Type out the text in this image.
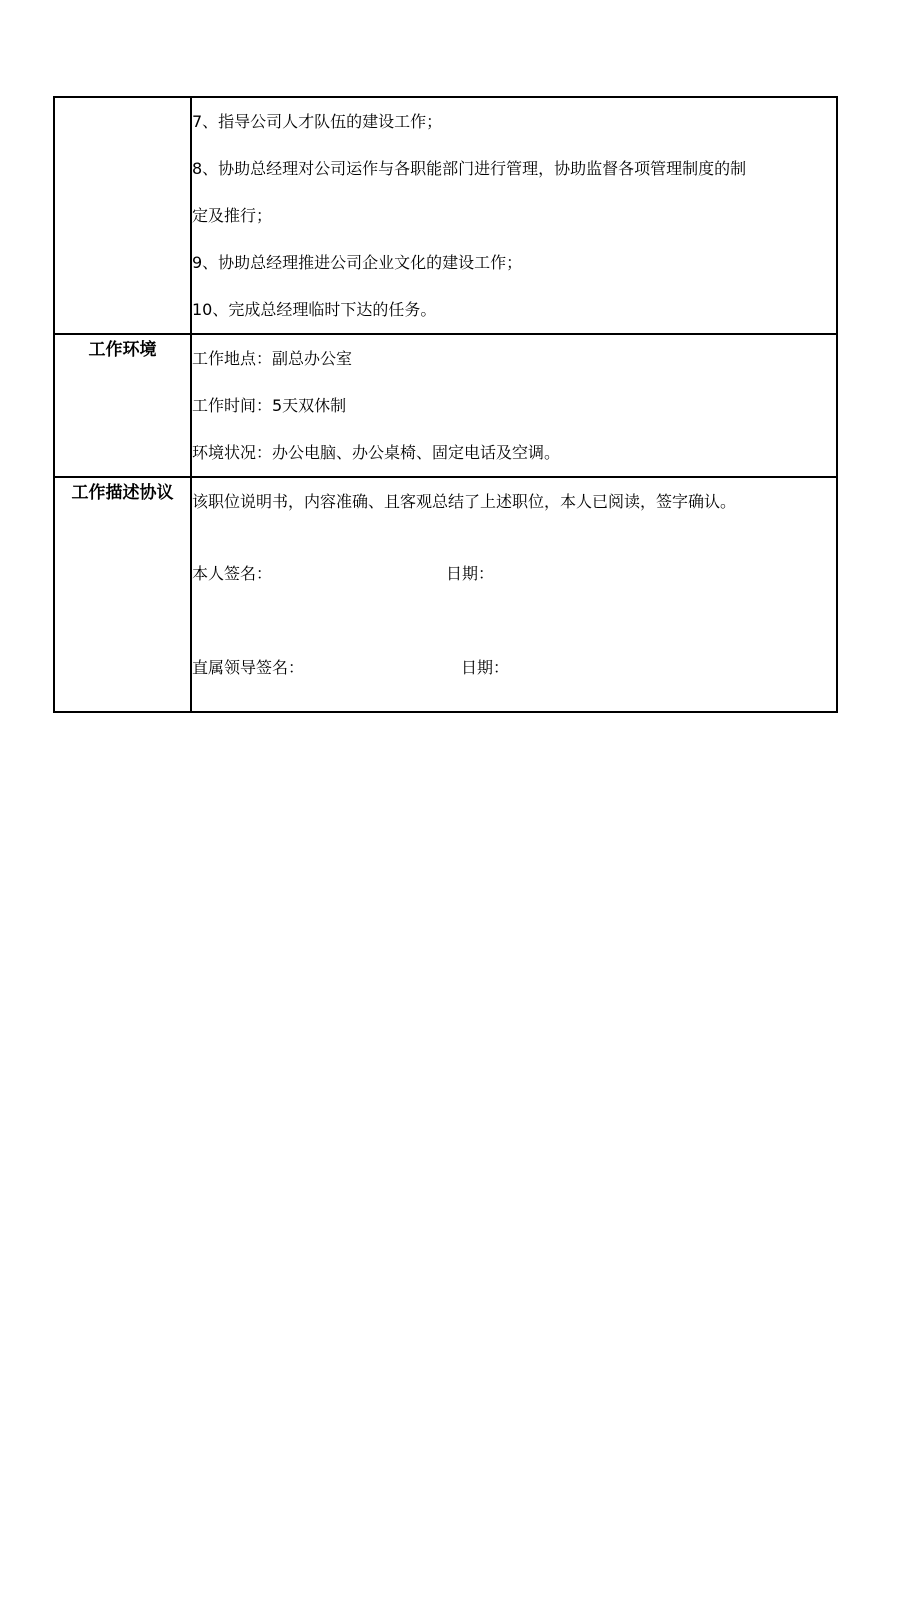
	7、指导公司人才队伍的建设工作；
8、协助总经理对公司运作与各职能部门进行管理，协助监督各项管理制度的制
定及推行；
9、协助总经理推进公司企业文化的建设工作；
10、完成总经理临时下达的任务。

工作环境	工作地点：副总办公室
工作时间：5天双休制
环境状况：办公电脑、办公桌椅、固定电话及空调。

工作描述协议	该职位说明书，内容准确、且客观总结了上述职位，本人已阅读，签字确认。
本人签名： 日期：
直属领导签名： 日期：
